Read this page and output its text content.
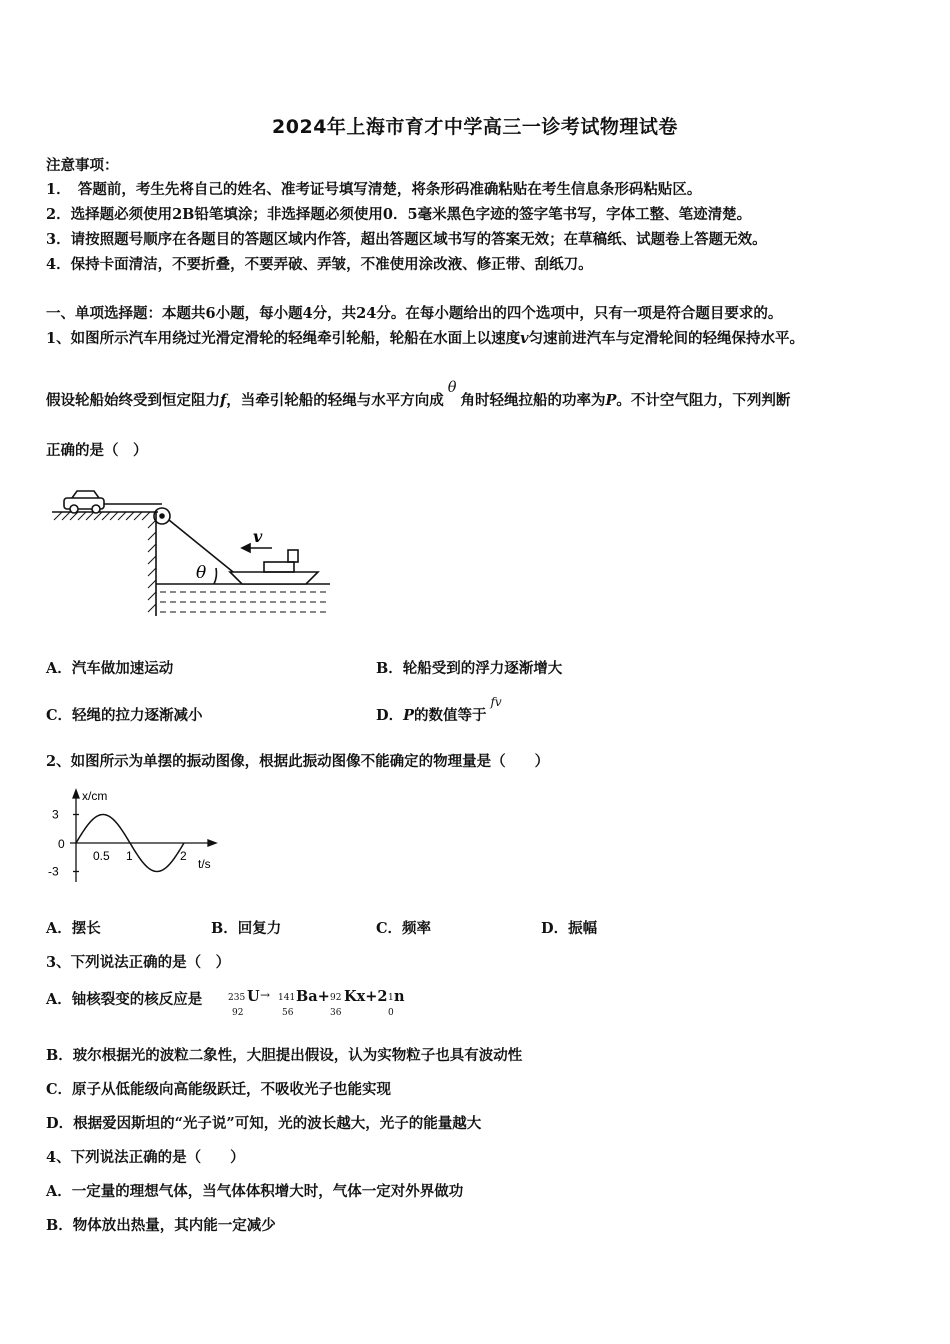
2024年上海市育才中学高三一诊考试物理试卷
注意事项：
1．　答题前，考生先将自己的姓名、准考证号填写清楚，将条形码准确粘贴在考生信息条形码粘贴区。
2．选择题必须使用2B铅笔填涂；非选择题必须使用0．5毫米黑色字迹的签字笔书写，字体工整、笔迹清楚。
3．请按照题号顺序在各题目的答题区域内作答，超出答题区域书写的答案无效；在草稿纸、试题卷上答题无效。
4．保持卡面清洁，不要折叠，不要弄破、弄皱，不准使用涂改液、修正带、刮纸刀。
一、单项选择题：本题共6小题，每小题4分，共24分。在每小题给出的四个选项中，只有一项是符合题目要求的。
1、如图所示汽车用绕过光滑定滑轮的轻绳牵引轮船，轮船在水面上以速度v匀速前进汽车与定滑轮间的轻绳保持水平。
假设轮船始终受到恒定阻力f，当牵引轮船的轻绳与水平方向成θ角时轻绳拉船的功率为P。不计空气阻力，下列判断
正确的是（　）
v
θ
A．汽车做加速运动	B．轮船受到的浮力逐渐增大
C．轻绳的拉力逐渐减小	D．P的数值等于$^{fv}$
2、如图所示为单摆的振动图像，根据此振动图像不能确定的物理量是（　　）
x/cm
t/s
3
0
-3
0.5 1	2
A．摆长	B．回复力	C．频率	D．振幅
3、下列说法正确的是（　）
A．铀核裂变的核反应是	235
92
U → 141
56
Ba+ 92
36
Kx+2 1
0
n
B．玻尔根据光的波粒二象性，大胆提出假设，认为实物粒子也具有波动性
C．原子从低能级向高能级跃迁，不吸收光子也能实现
D．根据爱因斯坦的“光子说”可知，光的波长越大，光子的能量越大
4、下列说法正确的是（　　）
A．一定量的理想气体，当气体体积增大时，气体一定对外界做功
B．物体放出热量，其内能一定减少
